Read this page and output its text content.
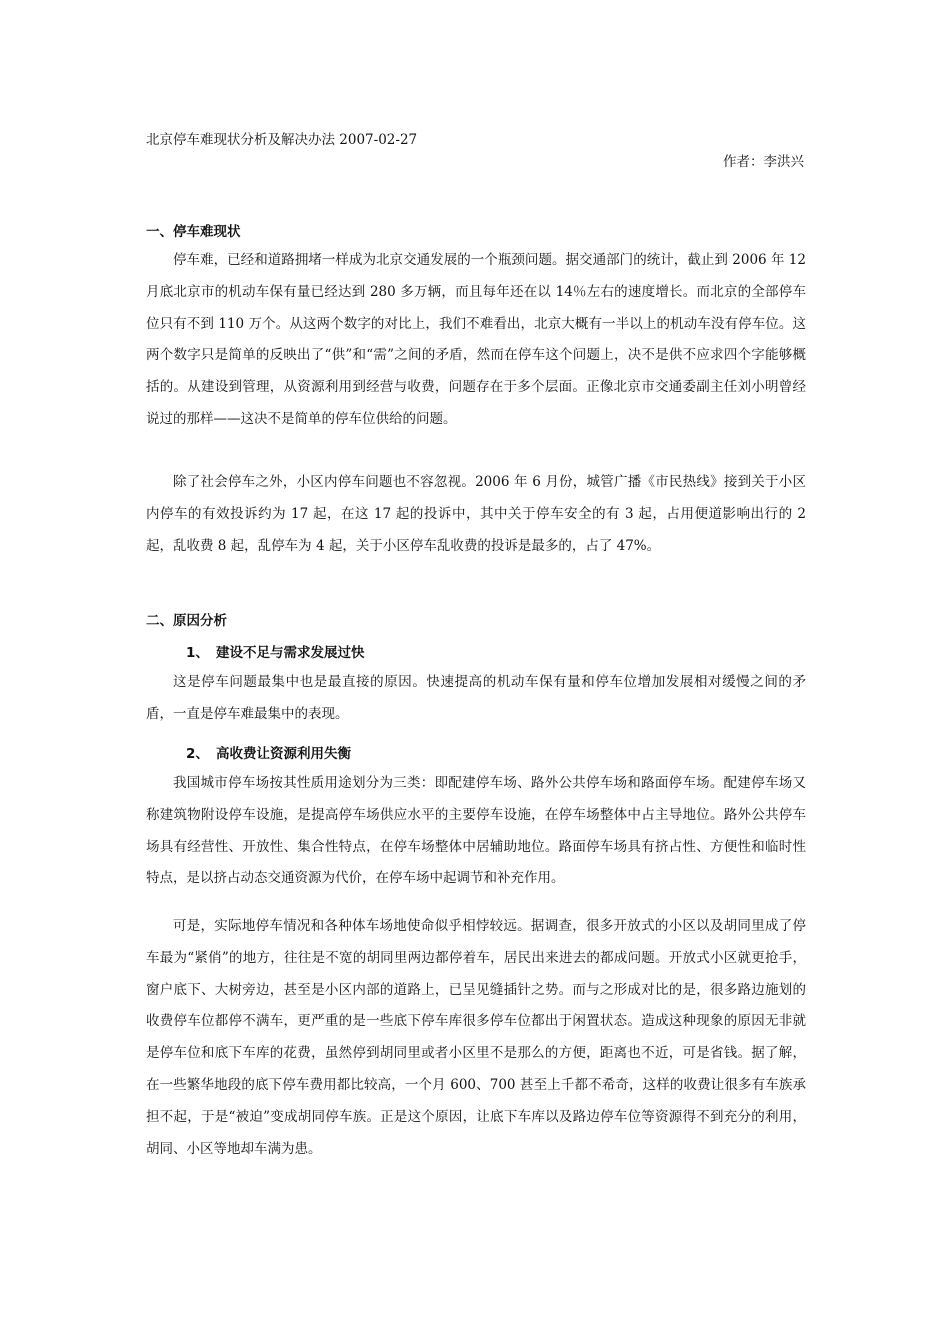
北京停车难现状分析及解决办法 2007-02-27
作者：李洪兴
一、停车难现状

停车难，已经和道路拥堵一样成为北京交通发展的一个瓶颈问题。据交通部门的统计，截止到 2006 年 12 月底北京市的机动车保有量已经达到 280 多万辆，而且每年还在以 14％左右的速度增长。而北京的全部停车位只有不到 110 万个。从这两个数字的对比上，我们不难看出，北京大概有一半以上的机动车没有停车位。这两个数字只是简单的反映出了“供”和“需”之间的矛盾，然而在停车这个问题上，决不是供不应求四个字能够概括的。从建设到管理，从资源利用到经营与收费，问题存在于多个层面。正像北京市交通委副主任刘小明曾经说过的那样——这决不是简单的停车位供给的问题。

除了社会停车之外，小区内停车问题也不容忽视。2006 年 6 月份，城管广播《市民热线》接到关于小区内停车的有效投诉约为 17 起，在这 17 起的投诉中，其中关于停车安全的有 3 起，占用便道影响出行的 2 起，乱收费 8 起，乱停车为 4 起，关于小区停车乱收费的投诉是最多的，占了 47%。

二、原因分析
1、 建设不足与需求发展过快

这是停车问题最集中也是最直接的原因。快速提高的机动车保有量和停车位增加发展相对缓慢之间的矛盾，一直是停车难最集中的表现。

2、 高收费让资源利用失衡

我国城市停车场按其性质用途划分为三类：即配建停车场、路外公共停车场和路面停车场。配建停车场又称建筑物附设停车设施，是提高停车场供应水平的主要停车设施，在停车场整体中占主导地位。路外公共停车场具有经营性、开放性、集合性特点，在停车场整体中居辅助地位。路面停车场具有挤占性、方便性和临时性特点，是以挤占动态交通资源为代价，在停车场中起调节和补充作用。

可是，实际地停车情况和各种体车场地使命似乎相悖较远。据调查，很多开放式的小区以及胡同里成了停车最为“紧俏”的地方，往往是不宽的胡同里两边都停着车，居民出来进去的都成问题。开放式小区就更抢手，窗户底下、大树旁边，甚至是小区内部的道路上，已呈见缝插针之势。而与之形成对比的是，很多路边施划的收费停车位都停不满车，更严重的是一些底下停车库很多停车位都出于闲置状态。造成这种现象的原因无非就是停车位和底下车库的花费，虽然停到胡同里或者小区里不是那么的方便，距离也不近，可是省钱。据了解，在一些繁华地段的底下停车费用都比较高，一个月 600、700 甚至上千都不希奇，这样的收费让很多有车族承担不起，于是“被迫”变成胡同停车族。正是这个原因，让底下车库以及路边停车位等资源得不到充分的利用，胡同、小区等地却车满为患。
